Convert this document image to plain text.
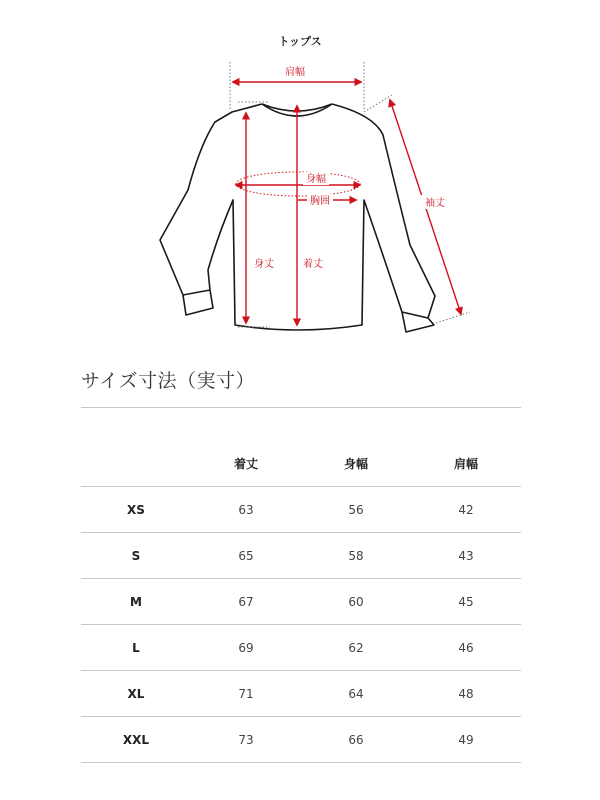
トップス
肩幅
身幅
胸囲
身丈	着丈
袖丈
サイズ寸法（実寸）
	着丈	身幅	肩幅
XS	63	56	42
S	65	58	43
M	67	60	45
L	69	62	46
XL	71	64	48
XXL	73	66	49
